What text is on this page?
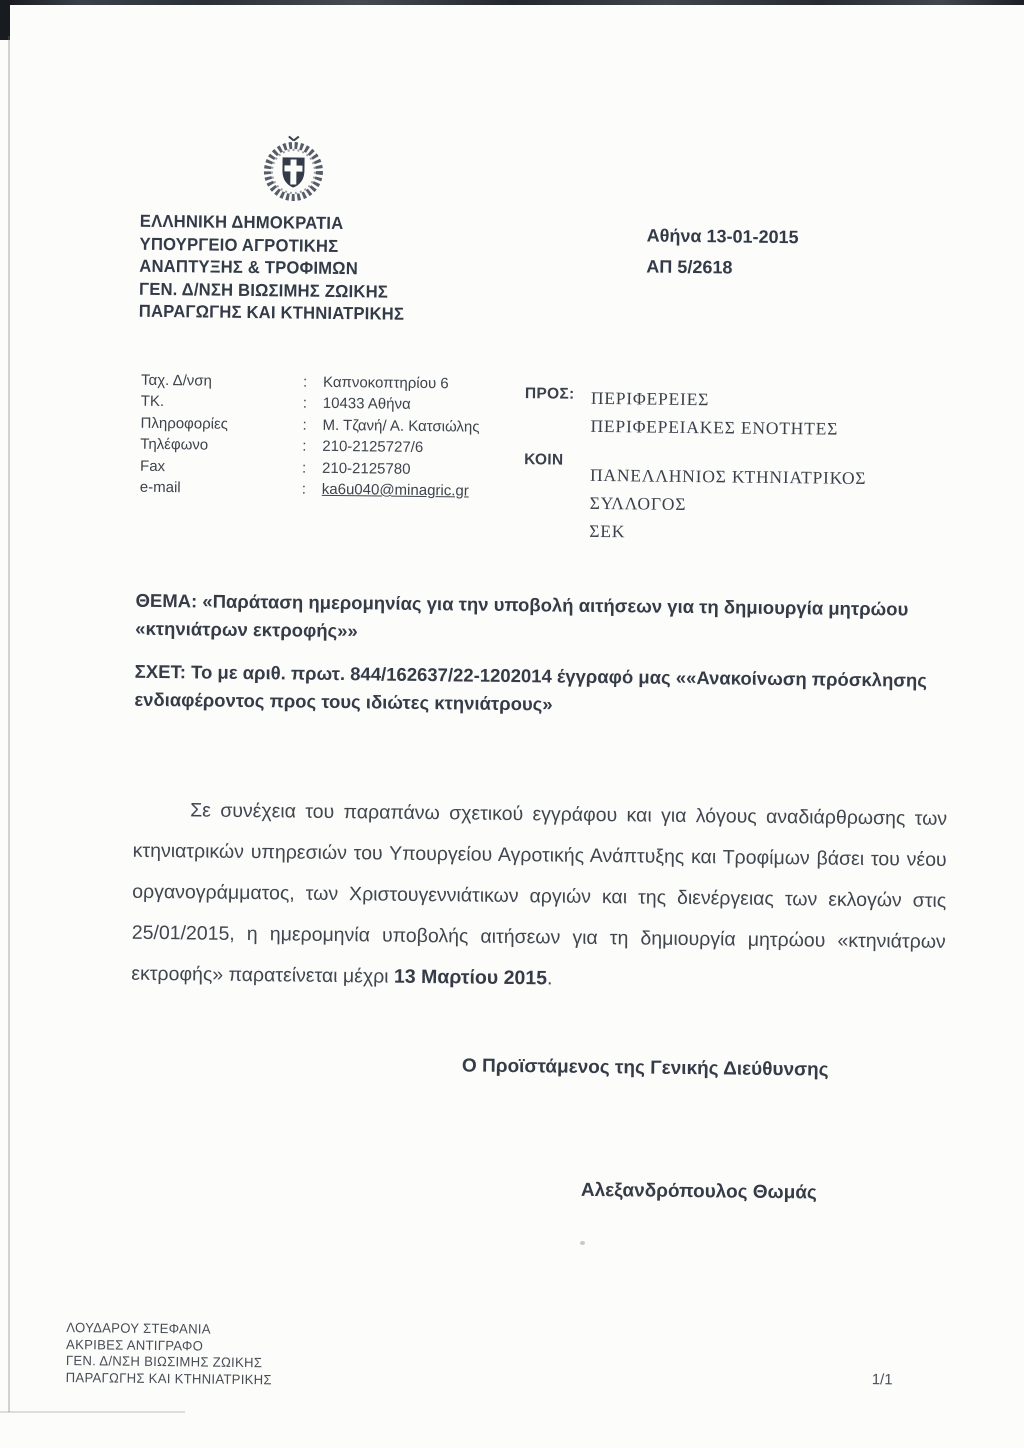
ΕΛΛΗΝΙΚΗ ΔΗΜΟΚΡΑΤΙΑ
ΥΠΟΥΡΓΕΙΟ ΑΓΡΟΤΙΚΗΣ
ΑΝΑΠΤΥΞΗΣ & ΤΡΟΦΙΜΩΝ
ΓΕΝ. Δ/ΝΣΗ ΒΙΩΣΙΜΗΣ ΖΩΙΚΗΣ
ΠΑΡΑΓΩΓΗΣ ΚΑΙ ΚΤΗΝΙΑΤΡΙΚΗΣ
Αθήνα 13-01-2015
ΑΠ 5/2618
Ταχ. Δ/νση	:	Καπνοκοπτηρίου 6
ΤΚ.	:	10433 Αθήνα
Πληροφορίες	:	Μ. Τζανή/ Α. Κατσιώλης
Τηλέφωνο	:	210-2125727/6
Fax	:	210-2125780
e-mail	:	ka6u040@minagric.gr
ΠΡΟΣ: ΠΕΡΙΦΕΡΕΙΕΣ
ΠΕΡΙΦΕΡΕΙΑΚΕΣ ΕΝΟΤΗΤΕΣ
ΚΟΙΝ
ΠΑΝΕΛΛΗΝΙΟΣ ΚΤΗΝΙΑΤΡΙΚΟΣ
ΣΥΛΛΟΓΟΣ
ΣΕΚ
ΘΕΜΑ: «Παράταση ημερομηνίας για την υποβολή αιτήσεων για τη δημιουργία μητρώου «κτηνιάτρων εκτροφής»»
ΣΧΕΤ: Το με αριθ. πρωτ. 844/162637/22-1202014 έγγραφό μας ««Ανακοίνωση πρόσκλησης ενδιαφέροντος προς τους ιδιώτες κτηνιάτρους»
Σε συνέχεια του παραπάνω σχετικού εγγράφου και για λόγους αναδιάρθρωσης των κτηνιατρικών υπηρεσιών του Υπουργείου Αγροτικής Ανάπτυξης και Τροφίμων βάσει του νέου οργανογράμματος, των Χριστουγεννιάτικων αργιών και της διενέργειας των εκλογών στις 25/01/2015, η ημερομηνία υποβολής αιτήσεων για τη δημιουργία μητρώου «κτηνιάτρων εκτροφής» παρατείνεται μέχρι 13 Μαρτίου 2015.
Ο Προϊστάμενος της Γενικής Διεύθυνσης
Αλεξανδρόπουλος Θωμάς
ΛΟΥΔΑΡΟΥ ΣΤΕΦΑΝΙΑ
ΑΚΡΙΒΕΣ ΑΝΤΙΓΡΑΦΟ
ΓΕΝ. Δ/ΝΣΗ ΒΙΩΣΙΜΗΣ ΖΩΙΚΗΣ
ΠΑΡΑΓΩΓΗΣ ΚΑΙ ΚΤΗΝΙΑΤΡΙΚΗΣ	1/1
